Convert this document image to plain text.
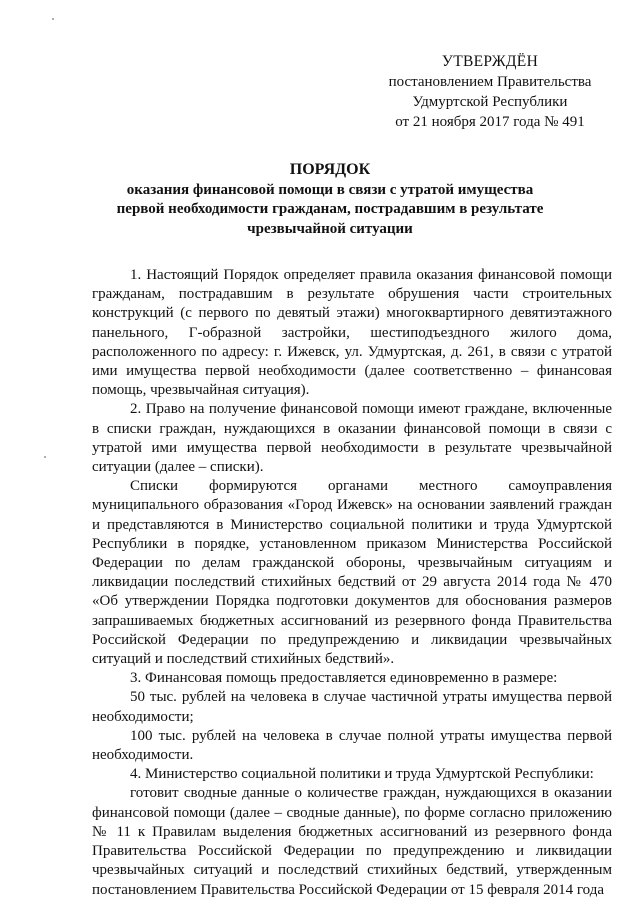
УТВЕРЖДЁН
постановлением Правительства
Удмуртской Республики
от 21 ноября 2017 года № 491
ПОРЯДОК
оказания финансовой помощи в связи с утратой имущества
первой необходимости гражданам, пострадавшим в результате
чрезвычайной ситуации

1. Настоящий Порядок определяет правила оказания финансовой помощи гражданам, пострадавшим в результате обрушения части строительных конструкций (с первого по девятый этажи) многоквартирного девятиэтажного панельного, Г-образной застройки, шестиподъездного жилого дома, расположенного по адресу: г. Ижевск, ул. Удмуртская, д. 261, в связи с утратой ими имущества первой необходимости (далее соответственно – финансовая помощь, чрезвычайная ситуация).

2. Право на получение финансовой помощи имеют граждане, включенные в списки граждан, нуждающихся в оказании финансовой помощи в связи с утратой ими имущества первой необходимости в результате чрезвычайной ситуации (далее – списки).

Списки формируются органами местного самоуправления муниципального образования «Город Ижевск» на основании заявлений граждан и представляются в Министерство социальной политики и труда Удмуртской Республики в порядке, установленном приказом Министерства Российской Федерации по делам гражданской обороны, чрезвычайным ситуациям и ликвидации последствий стихийных бедствий от 29 августа 2014 года № 470 «Об утверждении Порядка подготовки документов для обоснования размеров запрашиваемых бюджетных ассигнований из резервного фонда Правительства Российской Федерации по предупреждению и ликвидации чрезвычайных ситуаций и последствий стихийных бедствий».

3. Финансовая помощь предоставляется единовременно в размере:

50 тыс. рублей на человека в случае частичной утраты имущества первой необходимости;

100 тыс. рублей на человека в случае полной утраты имущества первой необходимости.

4. Министерство социальной политики и труда Удмуртской Республики:

готовит сводные данные о количестве граждан, нуждающихся в оказании финансовой помощи (далее – сводные данные), по форме согласно приложению № 11 к Правилам выделения бюджетных ассигнований из резервного фонда Правительства Российской Федерации по предупреждению и ликвидации чрезвычайных ситуаций и последствий стихийных бедствий, утвержденным постановлением Правительства Российской Федерации от 15 февраля 2014 года
